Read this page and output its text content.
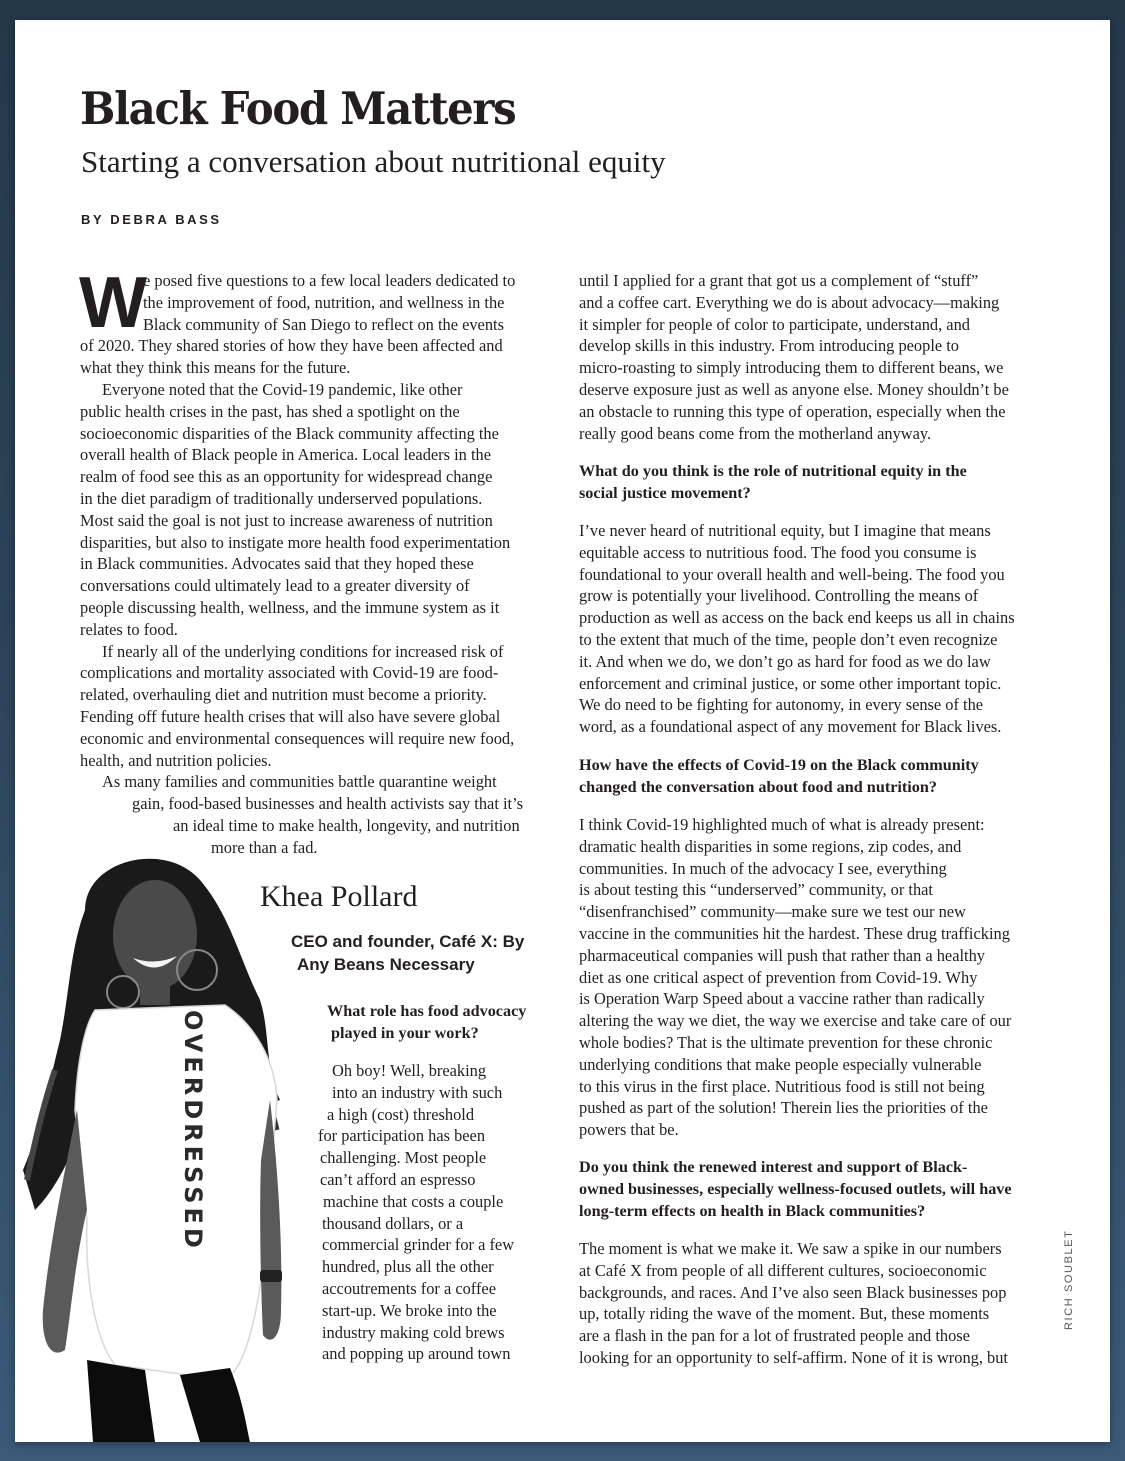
Black Food Matters
Starting a conversation about nutritional equity
BY DEBRA BASS
OVERDRESSED
W
Khea Pollard
CEO and founder, Café X: By
Any Beans Necessary
RICH SOUBLET
e posed five questions to a few local leaders dedicated to
the improvement of food, nutrition, and wellness in the
Black community of San Diego to reflect on the events
of 2020. They shared stories of how they have been affected and
what they think this means for the future.
Everyone noted that the Covid-19 pandemic, like other
public health crises in the past, has shed a spotlight on the
socioeconomic disparities of the Black community affecting the
overall health of Black people in America. Local leaders in the
realm of food see this as an opportunity for widespread change
in the diet paradigm of traditionally underserved populations.
Most said the goal is not just to increase awareness of nutrition
disparities, but also to instigate more health food experimentation
in Black communities. Advocates said that they hoped these
conversations could ultimately lead to a greater diversity of
people discussing health, wellness, and the immune system as it
relates to food.
If nearly all of the underlying conditions for increased risk of
complications and mortality associated with Covid-19 are food-
related, overhauling diet and nutrition must become a priority.
Fending off future health crises that will also have severe global
economic and environmental consequences will require new food,
health, and nutrition policies.
As many families and communities battle quarantine weight
gain, food-based businesses and health activists say that it’s
an ideal time to make health, longevity, and nutrition
more than a fad.
What role has food advocacy
played in your work?
Oh boy! Well, breaking
into an industry with such
a high (cost) threshold
for participation has been
challenging. Most people
can’t afford an espresso
machine that costs a couple
thousand dollars, or a
commercial grinder for a few
hundred, plus all the other
accoutrements for a coffee
start-up. We broke into the
industry making cold brews
and popping up around town
until I applied for a grant that got us a complement of “stuff”
and a coffee cart. Everything we do is about advocacy—making
it simpler for people of color to participate, understand, and
develop skills in this industry. From introducing people to
micro-roasting to simply introducing them to different beans, we
deserve exposure just as well as anyone else. Money shouldn’t be
an obstacle to running this type of operation, especially when the
really good beans come from the motherland anyway.
What do you think is the role of nutritional equity in the
social justice movement?
I’ve never heard of nutritional equity, but I imagine that means
equitable access to nutritious food. The food you consume is
foundational to your overall health and well-being. The food you
grow is potentially your livelihood. Controlling the means of
production as well as access on the back end keeps us all in chains
to the extent that much of the time, people don’t even recognize
it. And when we do, we don’t go as hard for food as we do law
enforcement and criminal justice, or some other important topic.
We do need to be fighting for autonomy, in every sense of the
word, as a foundational aspect of any movement for Black lives.
How have the effects of Covid-19 on the Black community
changed the conversation about food and nutrition?
I think Covid-19 highlighted much of what is already present:
dramatic health disparities in some regions, zip codes, and
communities. In much of the advocacy I see, everything
is about testing this “underserved” community, or that
“disenfranchised” community—make sure we test our new
vaccine in the communities hit the hardest. These drug trafficking
pharmaceutical companies will push that rather than a healthy
diet as one critical aspect of prevention from Covid-19. Why
is Operation Warp Speed about a vaccine rather than radically
altering the way we diet, the way we exercise and take care of our
whole bodies? That is the ultimate prevention for these chronic
underlying conditions that make people especially vulnerable
to this virus in the first place. Nutritious food is still not being
pushed as part of the solution! Therein lies the priorities of the
powers that be.
Do you think the renewed interest and support of Black-
owned businesses, especially wellness-focused outlets, will have
long-term effects on health in Black communities?
The moment is what we make it. We saw a spike in our numbers
at Café X from people of all different cultures, socioeconomic
backgrounds, and races. And I’ve also seen Black businesses pop
up, totally riding the wave of the moment. But, these moments
are a flash in the pan for a lot of frustrated people and those
looking for an opportunity to self-affirm. None of it is wrong, but
